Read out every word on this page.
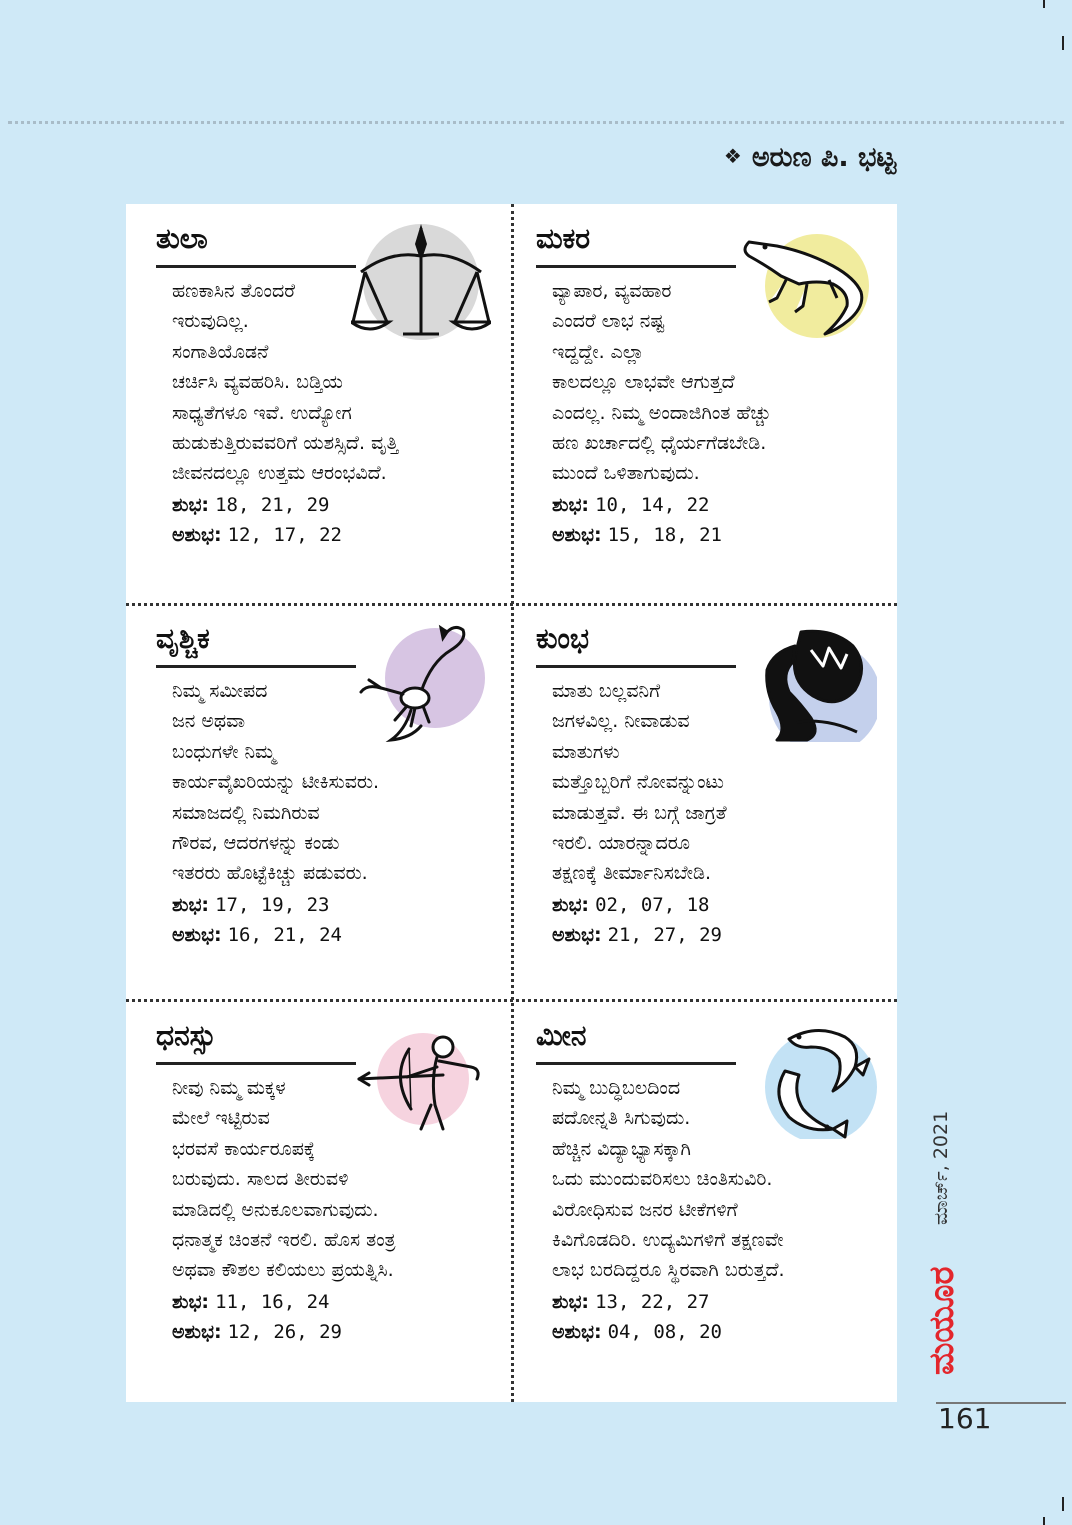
❖ ಅರುಣ ಪಿ. ಭಟ್ಟ
ತುಲಾ
ಹಣಕಾಸಿನ ತೊಂದರೆ
ಇರುವುದಿಲ್ಲ.
ಸಂಗಾತಿಯೊಡನೆ
ಚರ್ಚಿಸಿ ವ್ಯವಹರಿಸಿ. ಬಡ್ತಿಯ
ಸಾಧ್ಯತೆಗಳೂ ಇವೆ. ಉದ್ಯೋಗ
ಹುಡುಕುತ್ತಿರುವವರಿಗೆ ಯಶಸ್ಸಿದೆ. ವೃತ್ತಿ
ಜೀವನದಲ್ಲೂ ಉತ್ತಮ ಆರಂಭವಿದೆ.
ಶುಭ: 18, 21, 29
ಅಶುಭ: 12, 17, 22
ಮಕರ
ವ್ಯಾಪಾರ, ವ್ಯವಹಾರ
ಎಂದರೆ ಲಾಭ ನಷ್ಟ
ಇದ್ದದ್ದೇ. ಎಲ್ಲಾ
ಕಾಲದಲ್ಲೂ ಲಾಭವೇ ಆಗುತ್ತದೆ
ಎಂದಲ್ಲ. ನಿಮ್ಮ ಅಂದಾಜಿಗಿಂತ ಹೆಚ್ಚು
ಹಣ ಖರ್ಚಾದಲ್ಲಿ ಧೈರ್ಯಗೆಡಬೇಡಿ.
ಮುಂದೆ ಒಳಿತಾಗುವುದು.
ಶುಭ: 10, 14, 22
ಅಶುಭ: 15, 18, 21
ವೃಶ್ಚಿಕ
ನಿಮ್ಮ ಸಮೀಪದ
ಜನ ಅಥವಾ
ಬಂಧುಗಳೇ ನಿಮ್ಮ
ಕಾರ್ಯವೈಖರಿಯನ್ನು ಟೀಕಿಸುವರು.
ಸಮಾಜದಲ್ಲಿ ನಿಮಗಿರುವ
ಗೌರವ, ಆದರಗಳನ್ನು ಕಂಡು
ಇತರರು ಹೊಟ್ಟೆಕಿಚ್ಚು ಪಡುವರು.
ಶುಭ: 17, 19, 23
ಅಶುಭ: 16, 21, 24
ಕುಂಭ
ಮಾತು ಬಲ್ಲವನಿಗೆ
ಜಗಳವಿಲ್ಲ. ನೀವಾಡುವ
ಮಾತುಗಳು
ಮತ್ತೊಬ್ಬರಿಗೆ ನೋವನ್ನುಂಟು
ಮಾಡುತ್ತವೆ. ಈ ಬಗ್ಗೆ ಜಾಗ್ರತೆ
ಇರಲಿ. ಯಾರನ್ನಾದರೂ
ತಕ್ಷಣಕ್ಕೆ ತೀರ್ಮಾನಿಸಬೇಡಿ.
ಶುಭ: 02, 07, 18
ಅಶುಭ: 21, 27, 29
ಧನಸ್ಸು
ನೀವು ನಿಮ್ಮ ಮಕ್ಕಳ
ಮೇಲೆ ಇಟ್ಟಿರುವ
ಭರವಸೆ ಕಾರ್ಯರೂಪಕ್ಕೆ
ಬರುವುದು. ಸಾಲದ ತೀರುವಳಿ
ಮಾಡಿದಲ್ಲಿ ಅನುಕೂಲವಾಗುವುದು.
ಧನಾತ್ಮಕ ಚಿಂತನೆ ಇರಲಿ. ಹೊಸ ತಂತ್ರ
ಅಥವಾ ಕೌಶಲ ಕಲಿಯಲು ಪ್ರಯತ್ನಿಸಿ.
ಶುಭ: 11, 16, 24
ಅಶುಭ: 12, 26, 29
ಮೀನ
ನಿಮ್ಮ ಬುದ್ಧಿಬಲದಿಂದ
ಪದೋನ್ನತಿ ಸಿಗುವುದು.
ಹೆಚ್ಚಿನ ವಿದ್ಯಾಭ್ಯಾಸಕ್ಕಾಗಿ
ಒದು ಮುಂದುವರಿಸಲು ಚಿಂತಿಸುವಿರಿ.
ವಿರೋಧಿಸುವ ಜನರ ಟೀಕೆಗಳಿಗೆ
ಕಿವಿಗೊಡದಿರಿ. ಉದ್ಯಮಿಗಳಿಗೆ ತಕ್ಷಣವೇ
ಲಾಭ ಬರದಿದ್ದರೂ ಸ್ಥಿರವಾಗಿ ಬರುತ್ತದೆ.
ಶುಭ: 13, 22, 27
ಅಶುಭ: 04, 08, 20
ಮಾರ್ಚ್, 2021
ಮಯೂರ
161
